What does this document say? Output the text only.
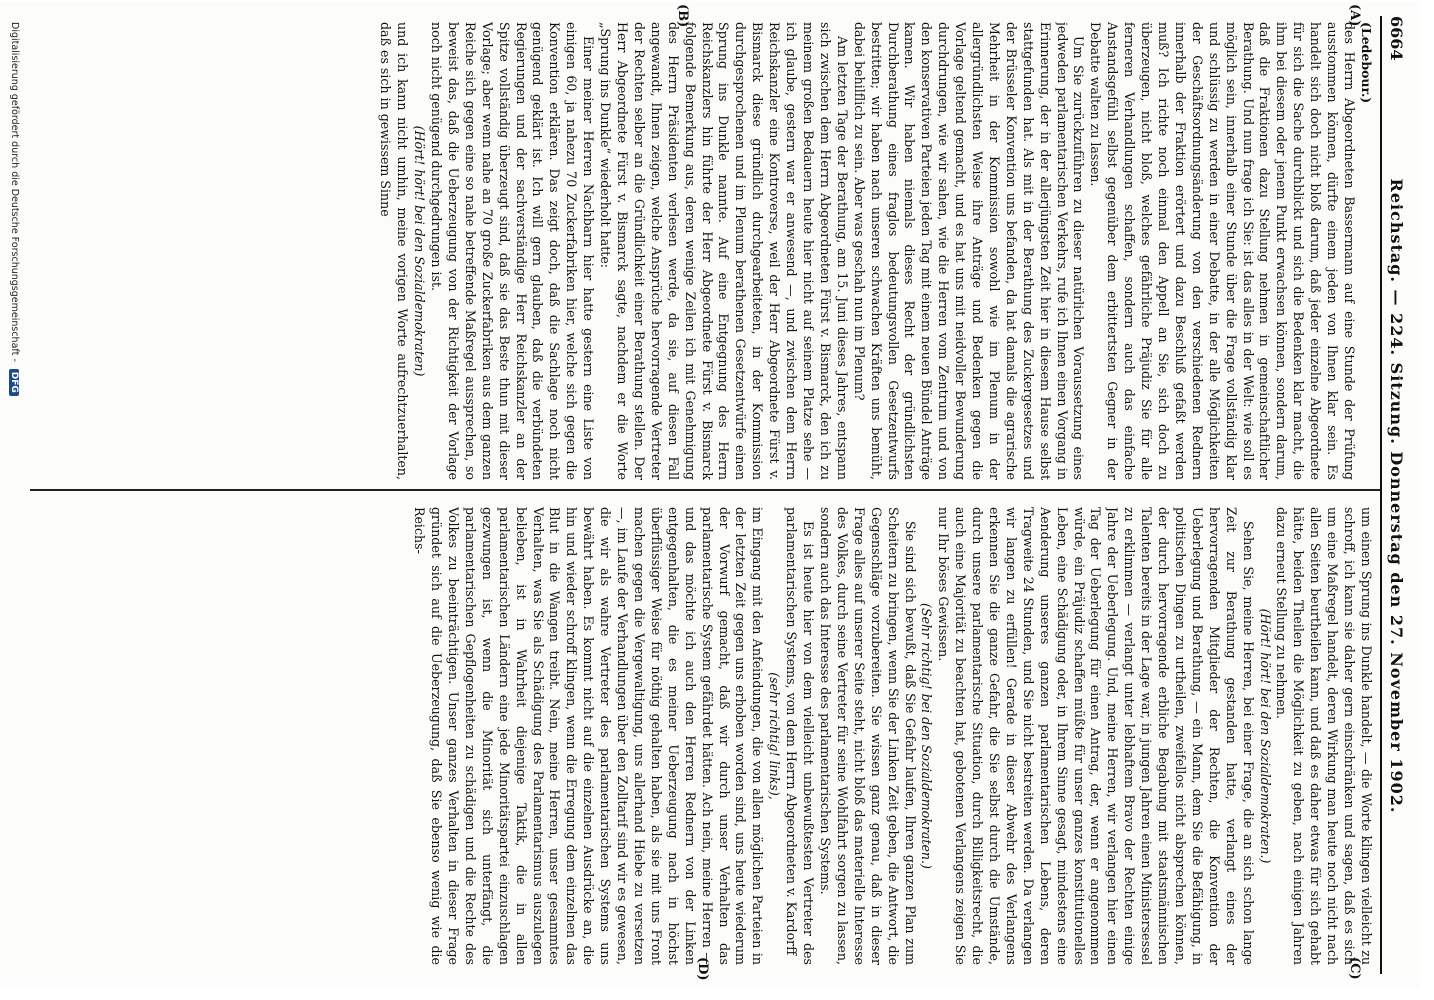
6664
Reichstag. — 224. Sitzung. Donnerstag den 27. November 1902.
(A)
(B)
(C)
(D)

(Ledebour.)

des Herrn Abgeordneten Bassermann auf eine Stunde der Prüfung ausstommen können, dürfte einem jeden von Ihnen klar sein. Es handelt sich doch nicht bloß darum, daß jeder einzelne Abgeordnete für sich die Sache durchblickt und sich die Bedenken klar macht, die ihm bei diesem oder jenem Punkt erwachsen können, sondern darum, daß die Fraktionen dazu Stellung nehmen in gemeinschaftlicher Berathung. Und nun frage ich Sie: ist das alles in der Welt: wie soll es möglich sein, innerhalb einer Stunde über die Frage vollständig klar und schlüssig zu werden in einer Debatte, in der alle Möglichkeiten der Geschäftsordnungsänderung von den verschiedenen Rednern innerhalb der Fraktion erörtert und dazu Beschluß gefaßt werden muß? Ich richte noch einmal den Appell an Sie, sich doch zu überzeugen, nicht bloß, welches gefährliche Präjudiz Sie für alle ferneren Verhandlungen schaffen, sondern auch das einfache Anstandsgefühl selbst gegenüber dem erbittertsten Gegner in der Debatte walten zu lassen.

Um Sie zurückzuführen zu dieser natürlichen Voraussetzung eines jedweden parlamentarischen Verkehrs, rufe ich Ihnen einen Vorgang in Erinnerung, der in der allerjüngsten Zeit hier in diesem Hause selbst stattgefunden hat. Als mit in der Berathung des Zuckergesetzes und der Brüsseler Konvention uns befanden, da hat damals die agrarische Mehrheit in der Kommission sowohl wie im Plenum in der allergründlichsten Weise ihre Anträge und Bedenken gegen die Vorlage geltend gemacht, und es hat uns mit neidvoller Bewunderung durchdrungen, wie wir sahen, wie die Herren vom Zentrum und von den konservativen Parteien jeden Tag mit einem neuen Bündel Anträge kamen. Wir haben niemals dieses Recht der gründlichsten Durchberathung eines fraglos bedeutungsvollen Gesetzentwurfs bestritten; wir haben nach unseren schwachen Kräften uns bemüht, dabei behilflich zu sein. Aber was geschah nun im Plenum?

Am letzten Tage der Berathung, am 15. Juni dieses Jahres, entspann sich zwischen dem Herrn Abgeordneten Fürst v. Bismarck, den ich zu meinem großen Bedauern heute hier nicht auf seinem Platze sehe — ich glaube, gestern war er anwesend —, und zwischen dem Herrn Reichskanzler eine Kontroverse, weil der Herr Abgeordnete Fürst v. Bismarck diese gründlich durchgearbeiteten, in der Kommission durchgesprochenen und im Plenum berathenen Gesetzentwürfe einen Sprung ins Dunkle nannte. Auf eine Entgegnung des Herrn Reichskanzlers hin führte der Herr Abgeordnete Fürst v. Bismarck folgende Bemerkung aus, deren wenige Zeilen ich mit Genehmigung des Herrn Präsidenten verlesen werde, da sie, auf diesen Fall angewandt, Ihnen zeigen, welche Ansprüche hervorragende Vertreter der Rechten selber an die Gründlichkeit einer Berathung stellen. Der Herr Abgeordnete Fürst v. Bismarck sagte, nachdem er die Worte „Sprung ins Dunkle“ wiederholt hatte:

Einer meiner Herren Nachbarn hier hatte gestern eine Liste von einigen 60, ja nahezu 70 Zuckerfabriken hier, welche sich gegen die Konvention erklären. Das zeigt doch, daß die Sachlage noch nicht genügend geklärt ist. Ich will gern glauben, daß die verbündeten Regierungen und der sachverständige Herr Reichskanzler an der Spitze vollständig überzeugt sind, daß sie das Beste thun mit dieser Vorlage; aber wenn nahe an 70 große Zuckerfabriken aus dem ganzen Reiche sich gegen eine so nahe betreffende Maßregel aussprechen, so beweist das, daß die Ueberzeugung von der Richtigkeit der Vorlage noch nicht genügend durchgedrungen ist.

(Hört! hört! bei den Sozialdemokraten)

und ich kann nicht umhin, meine vorigen Worte aufrechtzuerhalten, daß es sich in gewissem Sinne

um einen Sprung ins Dunkle handelt, — die Worte klingen vielleicht zu schroff, ich kann sie daher gern einschränken und sagen, daß es sich um eine Maßregel handelt, deren Wirkung man heute noch nicht nach allen Seiten beurtheilen kann, und daß es daher etwas für sich gehabt hätte, beiden Theilen die Möglichkeit zu geben, nach einigen Jahren dazu erneut Stellung zu nehmen.

(Hört! hört! bei den Sozialdemokraten.)

Sehen Sie, meine Herren, bei einer Frage, die an sich schon lange Zeit zur Berathung gestanden hatte, verlangt eines der hervorragenden Mitglieder der Rechten, die Konvention der Ueberlegung und Berathung, — ein Mann, dem Sie die Befähigung, in politischen Dingen zu urtheilen, zweifellos nicht absprechen können, der durch hervorragende erbliche Begabung mit staatsmännischen Talenten bereits in der Lage war, in jungen Jahren einen Ministersessel zu erklimmen — verlangt unter lebhaftem Bravo der Rechten einige Jahre der Ueberlegung. Und, meine Herren, wir verlangen hier einen Tag der Ueberlegung für einen Antrag, der, wenn er angenommen würde, ein Präjudiz schaffen müßte für unser ganzes konstitutionelles Leben, eine Schädigung oder, in Ihrem Sinne gesagt, mindestens eine Aenderung unseres ganzen parlamentarischen Lebens, deren Tragweite 24 Stunden, und Sie nicht bestreiten werden. Da verlangen wir langen zu erfüllen! Gerade in dieser Abwehr des Verlangens erkennen Sie die ganze Gefahr, die Sie selbst durch die Umstände, durch unsere parlamentarische Situation, durch Billigkeitsrecht, die auch eine Majorität zu beachten hat, gebotenen Verlangens zeigen Sie nur Ihr böses Gewissen.

(Sehr richtig! bei den Sozialdemokraten.)

Sie sind sich bewußt, daß Sie Gefahr laufen, Ihren ganzen Plan zum Scheitern zu bringen, wenn Sie der Linken Zeit geben, die Antwort, die Gegenschläge vorzubereiten. Sie wissen ganz genau, daß in dieser Frage alles auf unserer Seite steht, nicht bloß das materielle Interesse des Volkes, durch seine Vertreter für seine Wohlfahrt sorgen zu lassen, sondern auch das Interesse des parlamentarischen Systems.

Es ist heute hier von dem vielleicht unbewußtesten Vertreter des parlamentarischen Systems, von dem Herrn Abgeordneten v. Kardorff

(sehr richtig! links),

im Eingang mit den Anfeindungen, die von allen möglichen Parteien in der letzten Zeit gegen uns erhoben worden sind, uns heute wiederum der Vorwurf gemacht, daß wir durch unser Verhalten das parlamentarische System gefährdet hätten. Ach nein, meine Herren — und das möchte ich auch den Herren Rednern von der Linken entgegenhalten, die es meiner Ueberzeugung nach in höchst überflüssiger Weise für nöthig gehalten haben, als sie mit uns Front machen gegen die Vergewaltigung, uns allerhand Hiebe zu versetzen —, im Laufe der Verhandlungen über den Zolltarif sind wir es gewesen, die wir als wahre Vertreter des parlamentarischen Systems uns bewährt haben. Es kommt nicht auf die einzelnen Ausdrücke an, die hin und wieder schroff klingen, wenn die Erregung dem einzelnen das Blut in die Wangen treibt. Nein, meine Herren, unser gesammtes Verhalten, was Sie als Schädigung des Parlamentarismus auszulegen belieben, ist in Wahrheit diejenige Taktik, die in allen parlamentarischen Ländern eine jede Minoritätspartei einzuschlagen gezwungen ist, wenn die Minorität sich unterfängt, die parlamentarischen Gepflogenheiten zu schädigen und die Rechte des Volkes zu beeinträchtigen. Unser ganzes Verhalten in dieser Frage gründet sich auf die Ueberzeugung, daß Sie ebenso wenig wie die Reichs-

Digitalisierung gefördert durch die Deutsche Forschungsgemeinschaft - DFG
